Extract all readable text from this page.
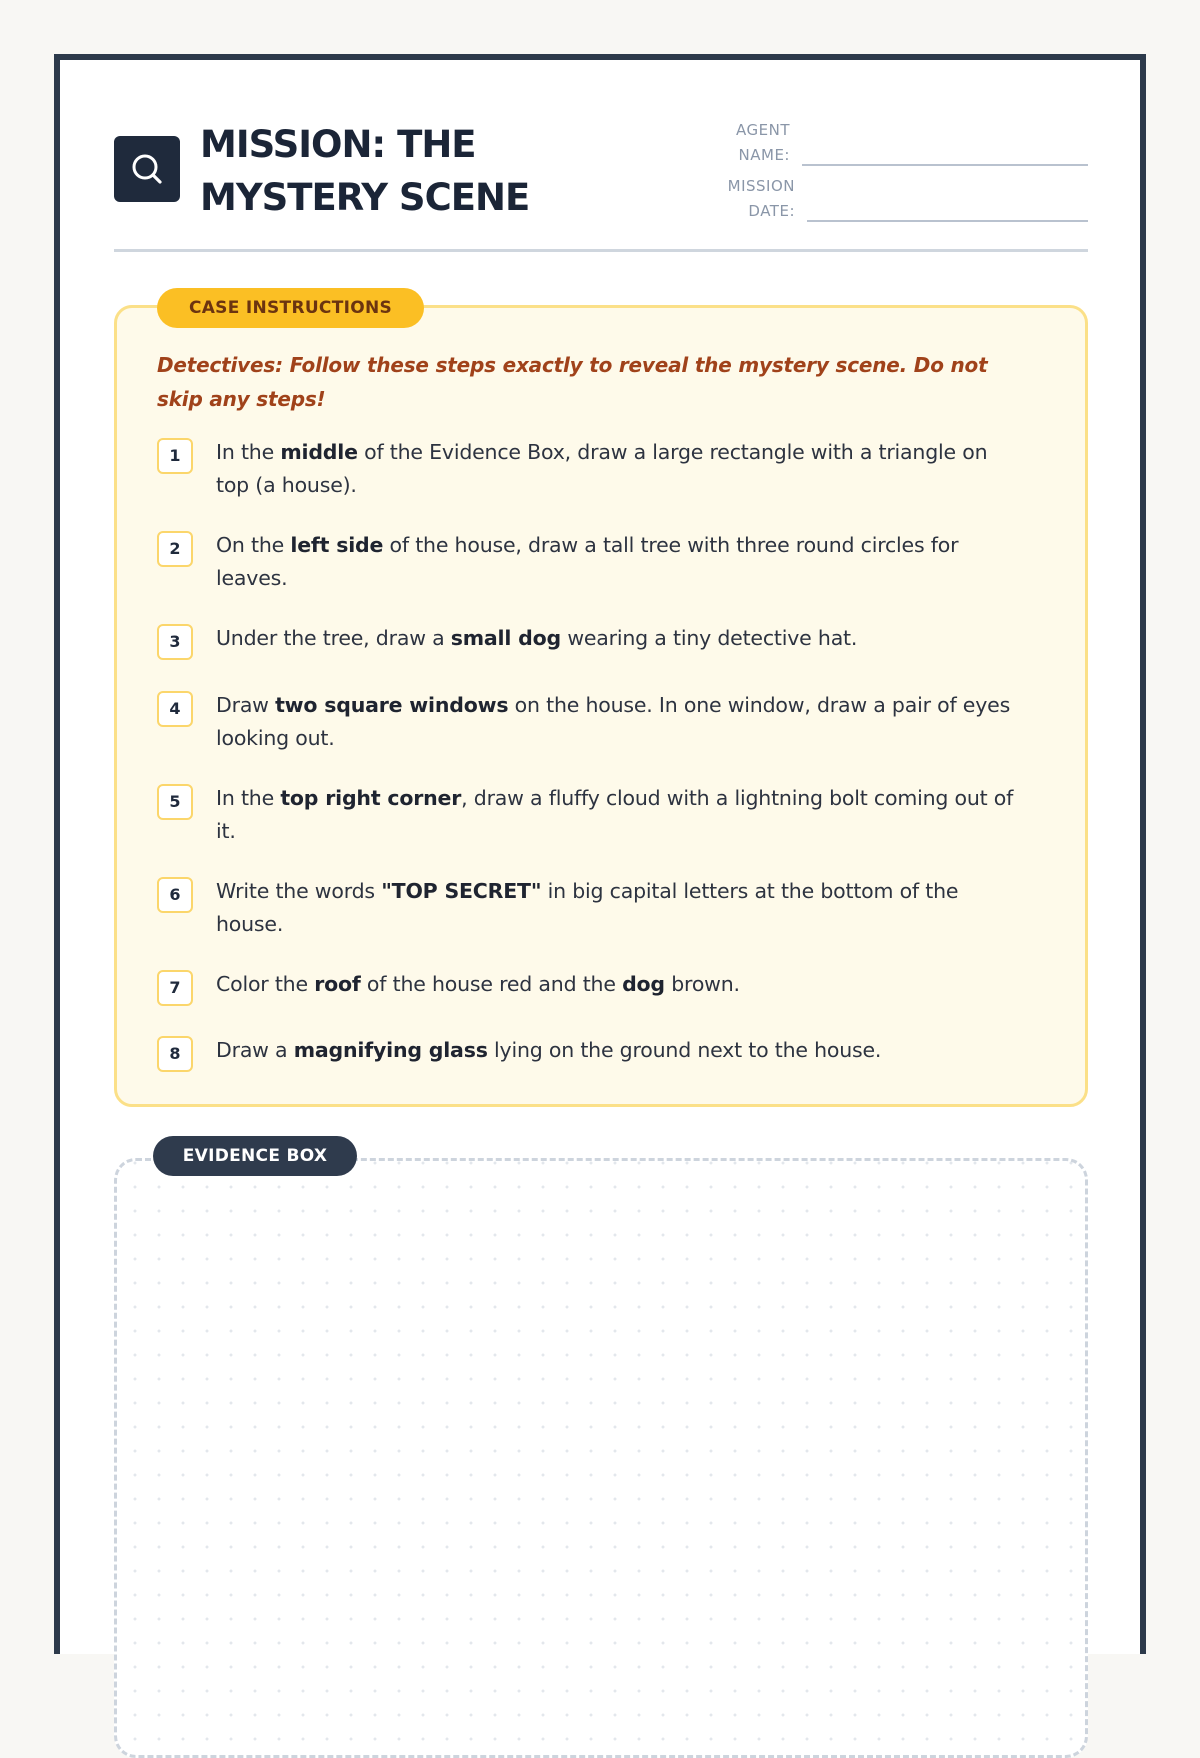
MISSION: THE
MYSTERY SCENE
AGENT
NAME:
MISSION
DATE:
CASE INSTRUCTIONS

Detectives: Follow these steps exactly to reveal the mystery scene. Do not skip any steps!

1	In the middle of the Evidence Box, draw a large rectangle with a triangle on top (a house).

2	On the left side of the house, draw a tall tree with three round circles for leaves.

3	Under the tree, draw a small dog wearing a tiny detective hat.

4	Draw two square windows on the house. In one window, draw a pair of eyes looking out.

5	In the top right corner, draw a fluffy cloud with a lightning bolt coming out of it.

6	Write the words "TOP SECRET" in big capital letters at the bottom of the house.

7	Color the roof of the house red and the dog brown.

8	Draw a magnifying glass lying on the ground next to the house.

EVIDENCE BOX
